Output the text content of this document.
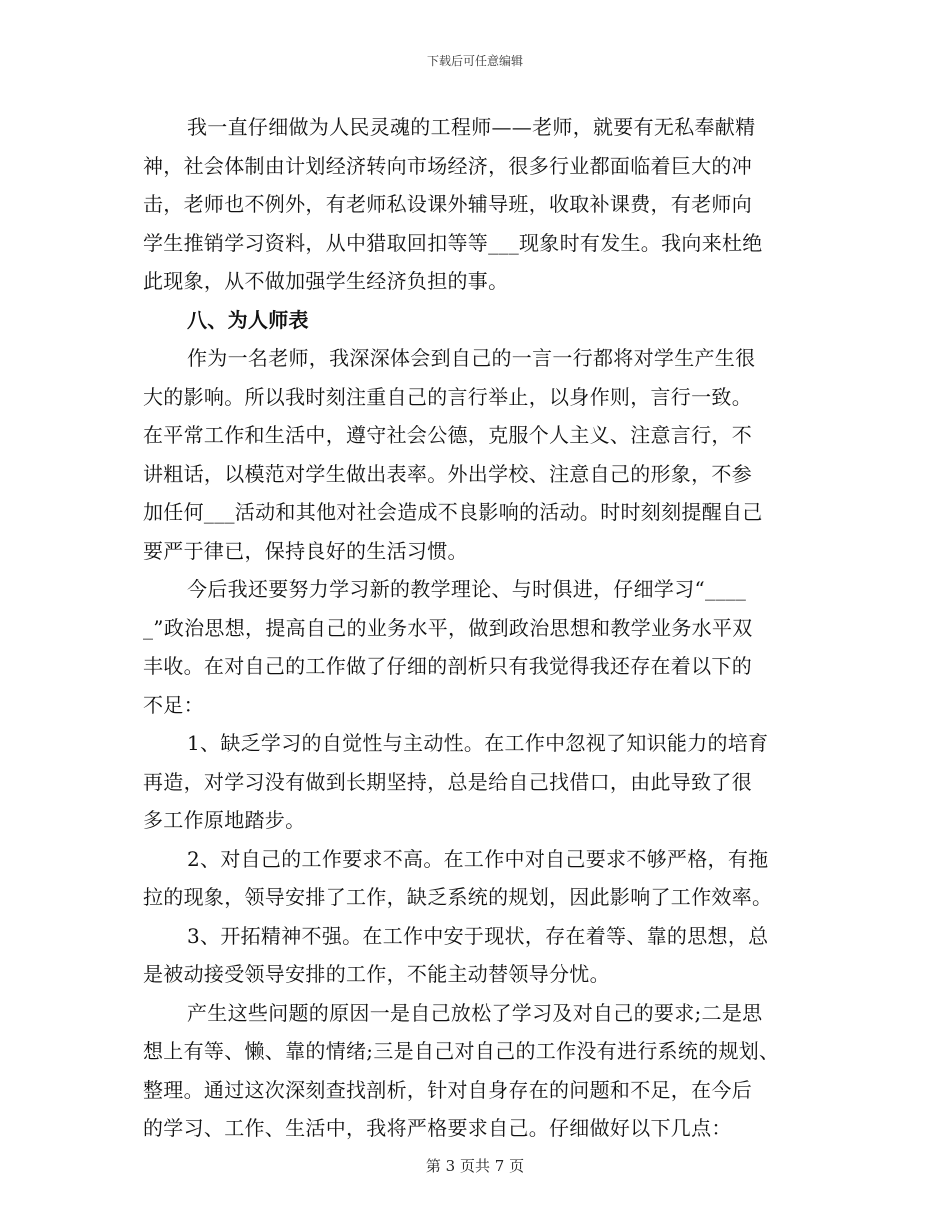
下载后可任意编辑
我一直仔细做为人民灵魂的工程师——老师，就要有无私奉献精
神，社会体制由计划经济转向市场经济，很多行业都面临着巨大的冲
击，老师也不例外，有老师私设课外辅导班，收取补课费，有老师向
学生推销学习资料，从中猎取回扣等等___现象时有发生。我向来杜绝
此现象，从不做加强学生经济负担的事。
八、为人师表
作为一名老师，我深深体会到自己的一言一行都将对学生产生很
大的影响。所以我时刻注重自己的言行举止，以身作则，言行一致。
在平常工作和生活中，遵守社会公德，克服个人主义、注意言行，不
讲粗话，以模范对学生做出表率。外出学校、注意自己的形象，不参
加任何___活动和其他对社会造成不良影响的活动。时时刻刻提醒自己
要严于律已，保持良好的生活习惯。
今后我还要努力学习新的教学理论、与时俱进，仔细学习“____
_”政治思想，提高自己的业务水平，做到政治思想和教学业务水平双
丰收。在对自己的工作做了仔细的剖析只有我觉得我还存在着以下的
不足：
1、缺乏学习的自觉性与主动性。在工作中忽视了知识能力的培育
再造，对学习没有做到长期坚持，总是给自己找借口，由此导致了很
多工作原地踏步。
2、对自己的工作要求不高。在工作中对自己要求不够严格，有拖
拉的现象，领导安排了工作，缺乏系统的规划，因此影响了工作效率。
3、开拓精神不强。在工作中安于现状，存在着等、靠的思想，总
是被动接受领导安排的工作，不能主动替领导分忧。
产生这些问题的原因一是自己放松了学习及对自己的要求;二是思
想上有等、懒、靠的情绪;三是自己对自己的工作没有进行系统的规划、
整理。通过这次深刻查找剖析，针对自身存在的问题和不足，在今后
的学习、工作、生活中，我将严格要求自己。仔细做好以下几点：
第 3 页共 7 页
